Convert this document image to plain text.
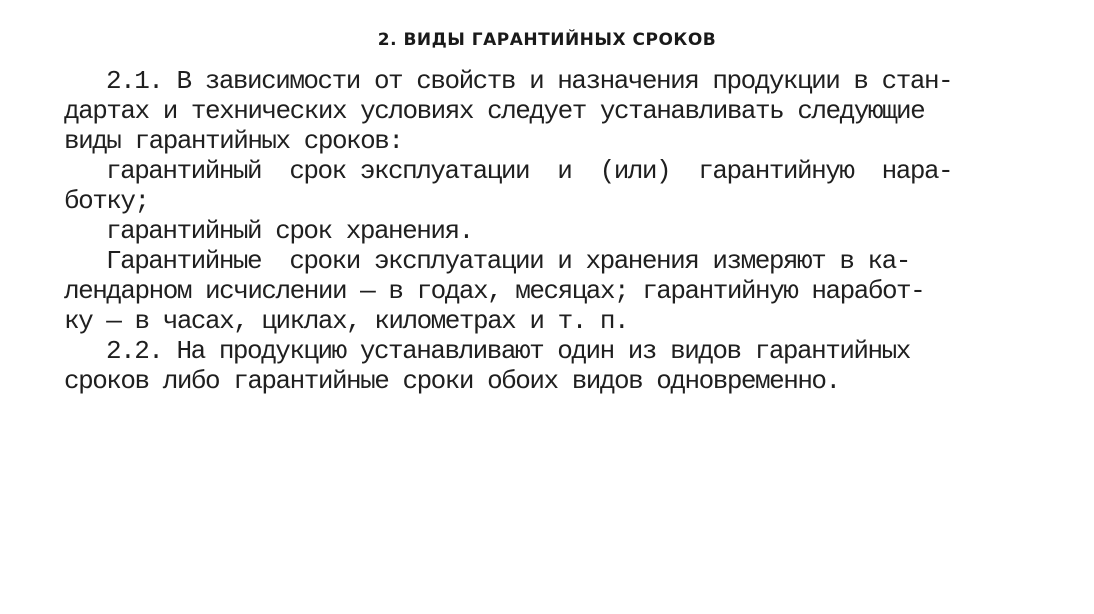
2. ВИДЫ ГАРАНТИЙНЫХ СРОКОВ
2.1. В зависимости от свойств и назначения продукции в стан-
дартах и технических условиях следует устанавливать следующие
виды гарантийных сроков:
гарантийный  срок эксплуатации  и  (или)  гарантийную  нара-
ботку;
гарантийный срок хранения.
Гарантийные  сроки эксплуатации и хранения измеряют в ка-
лендарном исчислении — в годах, месяцах; гарантийную наработ-
ку — в часах, циклах, километрах и т. п.
2.2. На продукцию устанавливают один из видов гарантийных
сроков либо гарантийные сроки обоих видов одновременно.
